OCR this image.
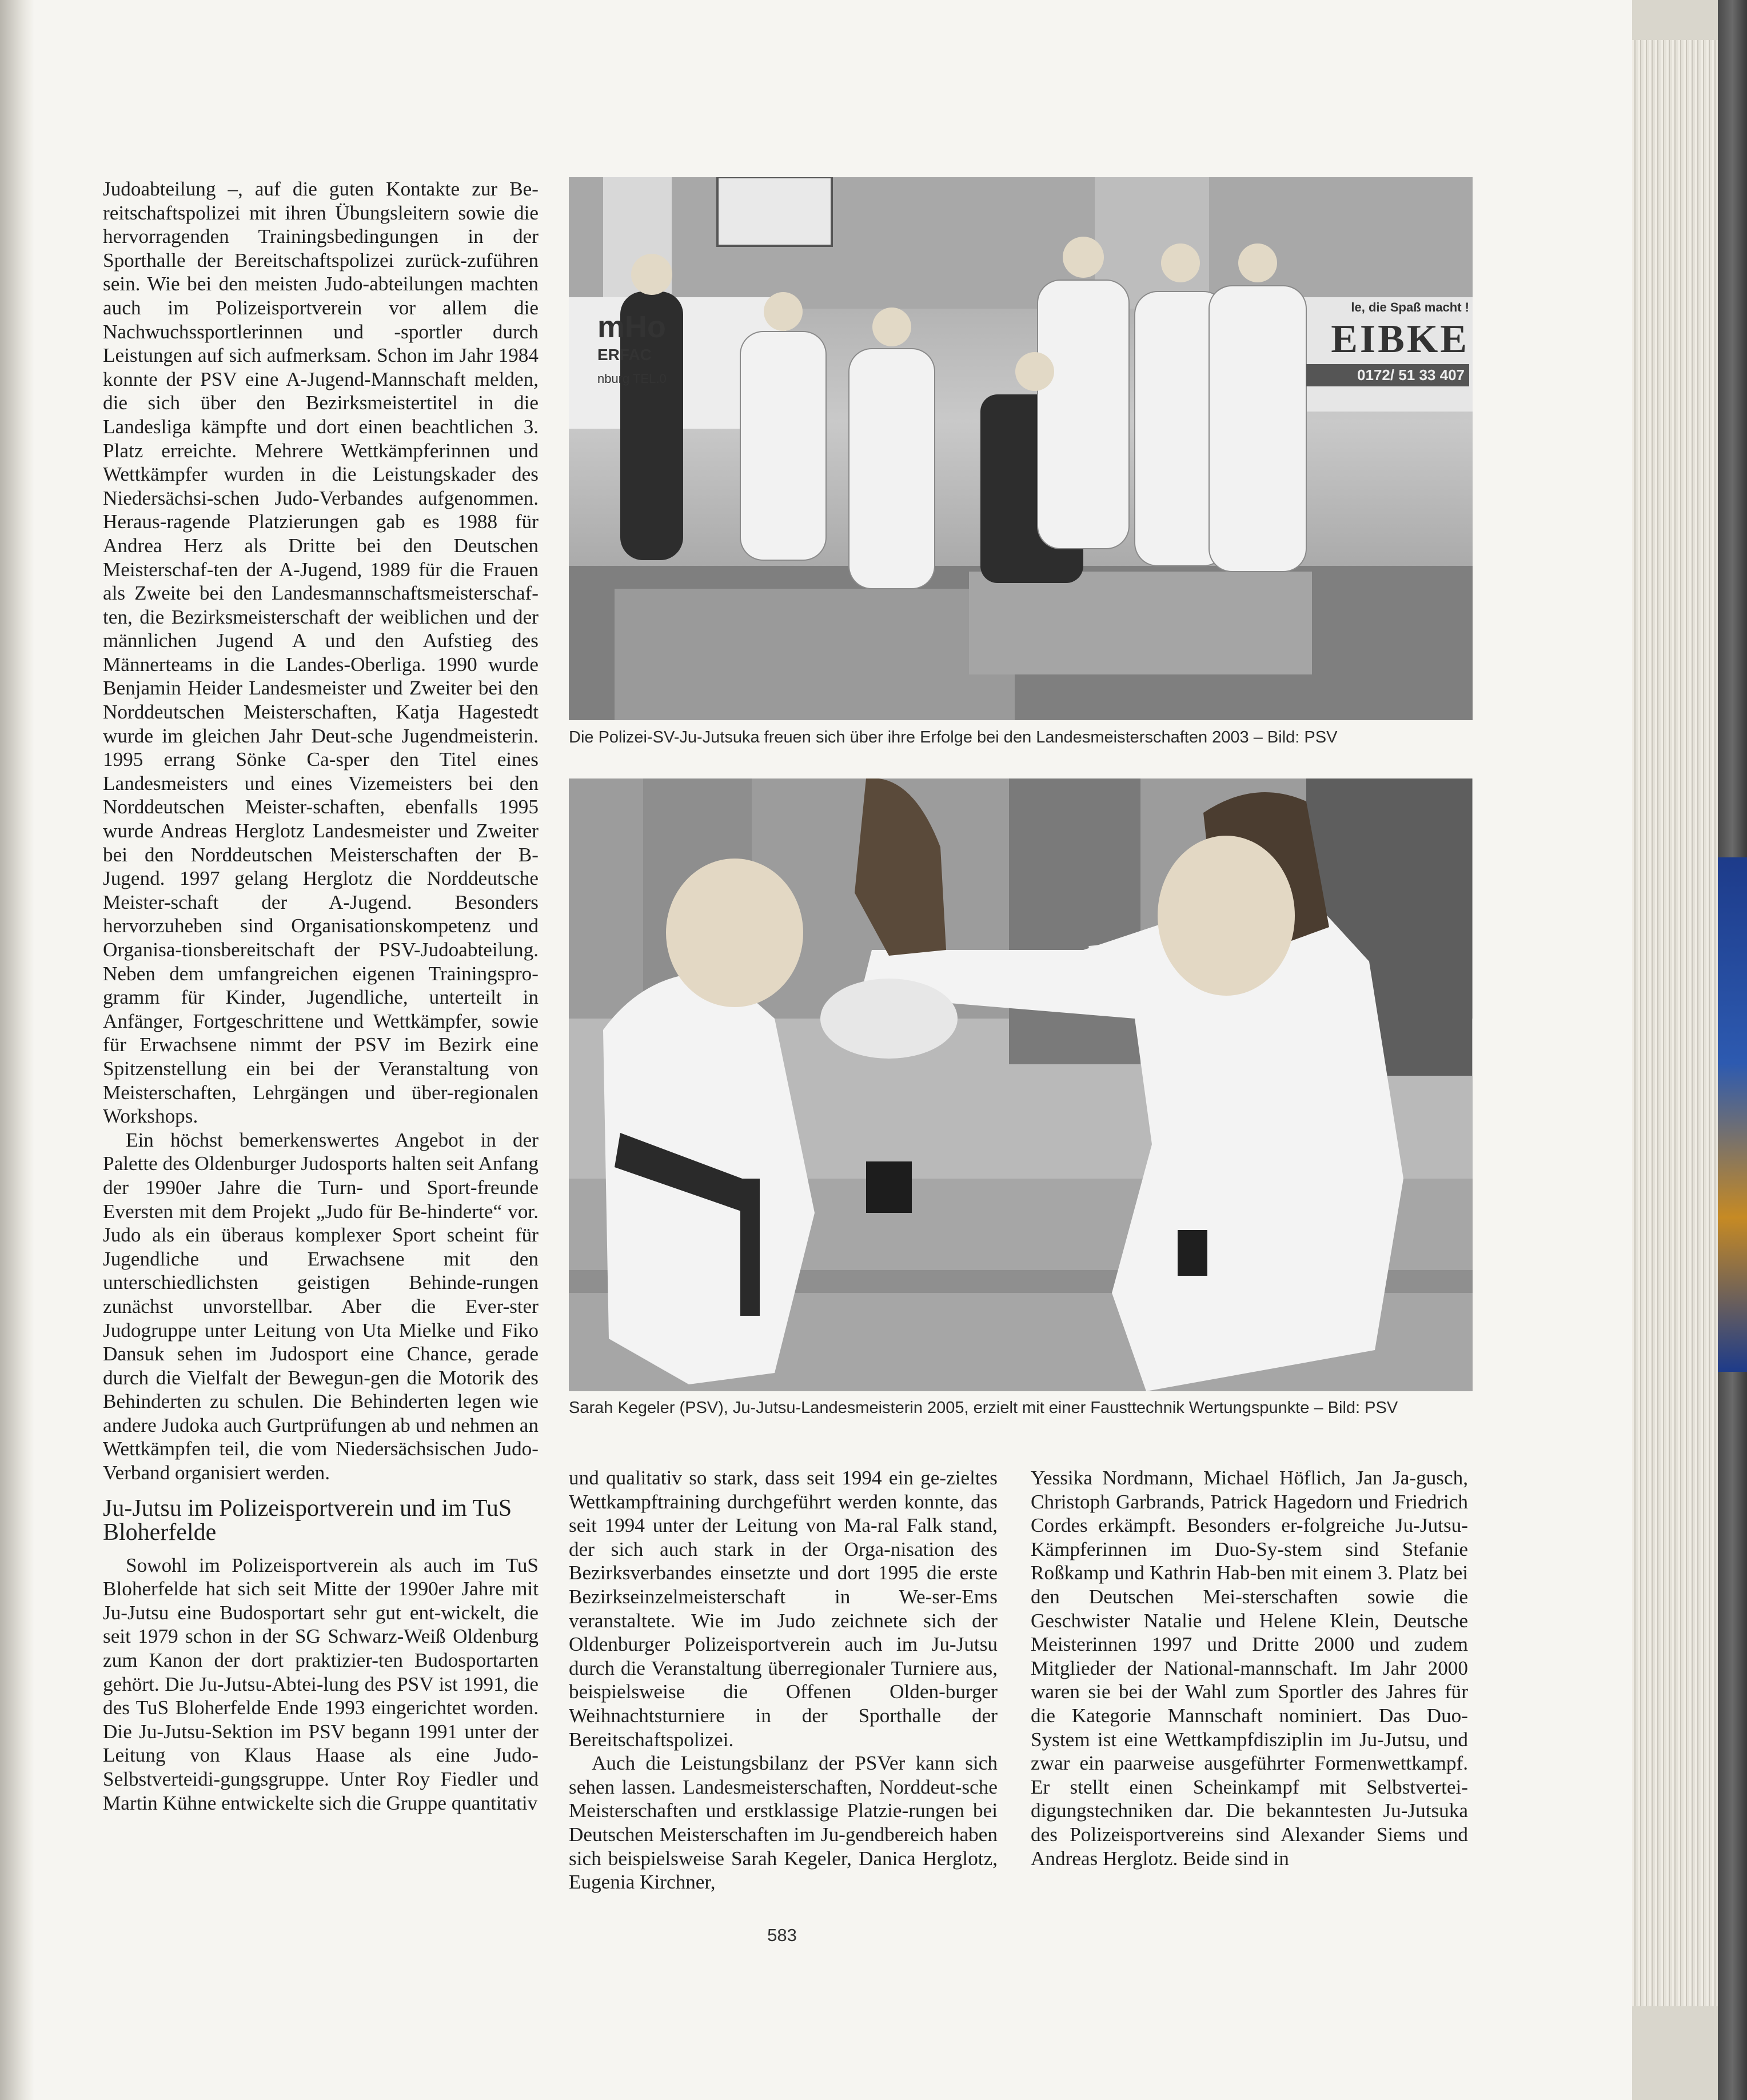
Judoabteilung –, auf die guten Kontakte zur Be-reitschaftspolizei mit ihren Übungsleitern sowie die hervorragenden Trainingsbedingungen in der Sporthalle der Bereitschaftspolizei zurück-zuführen sein. Wie bei den meisten Judo-abteilungen machten auch im Polizeisportverein vor allem die Nachwuchssportlerinnen und -sportler durch Leistungen auf sich aufmerksam. Schon im Jahr 1984 konnte der PSV eine A-Jugend-Mannschaft melden, die sich über den Bezirksmeistertitel in die Landesliga kämpfte und dort einen beachtlichen 3. Platz erreichte. Mehrere Wettkämpferinnen und Wettkämpfer wurden in die Leistungskader des Niedersächsi-schen Judo-Verbandes aufgenommen. Heraus-ragende Platzierungen gab es 1988 für Andrea Herz als Dritte bei den Deutschen Meisterschaf-ten der A-Jugend, 1989 für die Frauen als Zweite bei den Landesmannschaftsmeisterschaf-ten, die Bezirksmeisterschaft der weiblichen und der männlichen Jugend A und den Aufstieg des Männerteams in die Landes-Oberliga. 1990 wurde Benjamin Heider Landesmeister und Zweiter bei den Norddeutschen Meisterschaften, Katja Hagestedt wurde im gleichen Jahr Deut-sche Jugendmeisterin. 1995 errang Sönke Ca-sper den Titel eines Landesmeisters und eines Vizemeisters bei den Norddeutschen Meister-schaften, ebenfalls 1995 wurde Andreas Herglotz Landesmeister und Zweiter bei den Norddeutschen Meisterschaften der B-Jugend. 1997 gelang Herglotz die Norddeutsche Meister-schaft der A-Jugend. Besonders hervorzuheben sind Organisationskompetenz und Organisa-tionsbereitschaft der PSV-Judoabteilung. Neben dem umfangreichen eigenen Trainingspro-gramm für Kinder, Jugendliche, unterteilt in Anfänger, Fortgeschrittene und Wettkämpfer, sowie für Erwachsene nimmt der PSV im Bezirk eine Spitzenstellung ein bei der Veranstaltung von Meisterschaften, Lehrgängen und über-regionalen Workshops.

Ein höchst bemerkenswertes Angebot in der Palette des Oldenburger Judosports halten seit Anfang der 1990er Jahre die Turn- und Sport-freunde Eversten mit dem Projekt „Judo für Be-hinderte“ vor. Judo als ein überaus komplexer Sport scheint für Jugendliche und Erwachsene mit den unterschiedlichsten geistigen Behinde-rungen zunächst unvorstellbar. Aber die Ever-ster Judogruppe unter Leitung von Uta Mielke und Fiko Dansuk sehen im Judosport eine Chance, gerade durch die Vielfalt der Bewegun-gen die Motorik des Behinderten zu schulen. Die Behinderten legen wie andere Judoka auch Gurtprüfungen ab und nehmen an Wettkämpfen teil, die vom Niedersächsischen Judo-Verband organisiert werden.

Ju-Jutsu im Polizeisportverein und im TuS Bloherfelde

Sowohl im Polizeisportverein als auch im TuS Bloherfelde hat sich seit Mitte der 1990er Jahre mit Ju-Jutsu eine Budosportart sehr gut ent-wickelt, die seit 1979 schon in der SG Schwarz-Weiß Oldenburg zum Kanon der dort praktizier-ten Budosportarten gehört. Die Ju-Jutsu-Abtei-lung des PSV ist 1991, die des TuS Bloherfelde Ende 1993 eingerichtet worden. Die Ju-Jutsu-Sektion im PSV begann 1991 unter der Leitung von Klaus Haase als eine Judo-Selbstverteidi-gungsgruppe. Unter Roy Fiedler und Martin Kühne entwickelte sich die Gruppe quantitativ

mHo
ERFAC
nburg TEL.0
le, die Spaß macht !
EIBKE
0172/ 51 33 407
Die Polizei-SV-Ju-Jutsuka freuen sich über ihre Erfolge bei den Landesmeisterschaften 2003 – Bild: PSV
Sarah Kegeler (PSV), Ju-Jutsu-Landesmeisterin 2005, erzielt mit einer Fausttechnik Wertungspunkte – Bild: PSV

und qualitativ so stark, dass seit 1994 ein ge-zieltes Wettkampftraining durchgeführt werden konnte, das seit 1994 unter der Leitung von Ma-ral Falk stand, der sich auch stark in der Orga-nisation des Bezirksverbandes einsetzte und dort 1995 die erste Bezirkseinzelmeisterschaft in We-ser-Ems veranstaltete. Wie im Judo zeichnete sich der Oldenburger Polizeisportverein auch im Ju-Jutsu durch die Veranstaltung überregionaler Turniere aus, beispielsweise die Offenen Olden-burger Weihnachtsturniere in der Sporthalle der Bereitschaftspolizei.

Auch die Leistungsbilanz der PSVer kann sich sehen lassen. Landesmeisterschaften, Norddeut-sche Meisterschaften und erstklassige Platzie-rungen bei Deutschen Meisterschaften im Ju-gendbereich haben sich beispielsweise Sarah Kegeler, Danica Herglotz, Eugenia Kirchner,

Yessika Nordmann, Michael Höflich, Jan Ja-gusch, Christoph Garbrands, Patrick Hagedorn und Friedrich Cordes erkämpft. Besonders er-folgreiche Ju-Jutsu-Kämpferinnen im Duo-Sy-stem sind Stefanie Roßkamp und Kathrin Hab-ben mit einem 3. Platz bei den Deutschen Mei-sterschaften sowie die Geschwister Natalie und Helene Klein, Deutsche Meisterinnen 1997 und Dritte 2000 und zudem Mitglieder der National-mannschaft. Im Jahr 2000 waren sie bei der Wahl zum Sportler des Jahres für die Kategorie Mannschaft nominiert. Das Duo-System ist eine Wettkampfdisziplin im Ju-Jutsu, und zwar ein paarweise ausgeführter Formenwettkampf. Er stellt einen Scheinkampf mit Selbstvertei-digungstechniken dar. Die bekanntesten Ju-Jutsuka des Polizeisportvereins sind Alexander Siems und Andreas Herglotz. Beide sind in

583
